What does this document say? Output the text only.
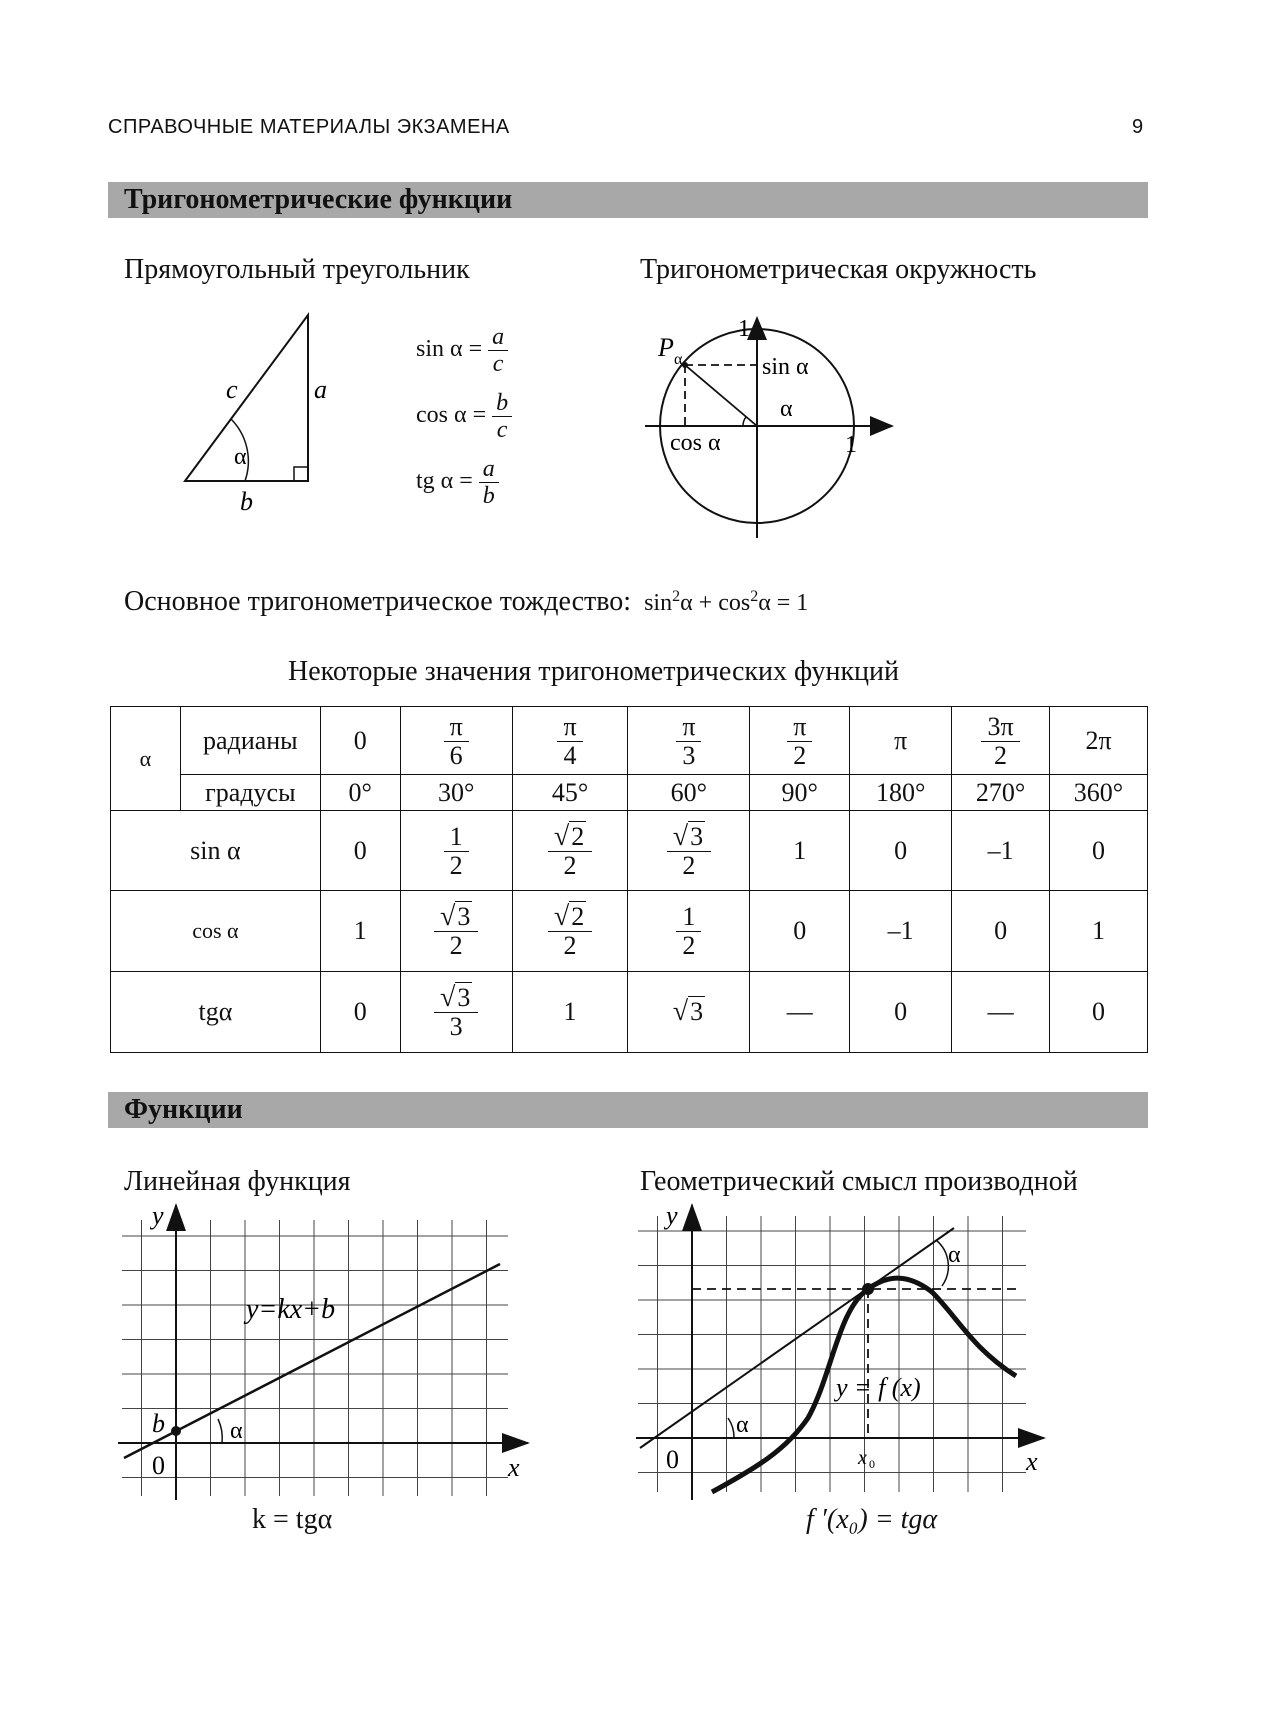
СПРАВОЧНЫЕ МАТЕРИАЛЫ ЭКЗАМЕНА	9
Тригонометрические функции
Прямоугольный треугольник
c	a
α
b
$\sin \alpha = \frac{a}{c}$
$\cos \alpha = \frac{b}{c}$
tg $\alpha = \frac{a}{b}$
Тригонометрическая окружность
P α
1
1
sin α
cos α
α
Основное тригонометрическое тождество: $\sin^2\alpha + \cos^2\alpha = 1$
Некоторые значения тригонометрических функций
α	радианы	0	$\frac{\pi}{6}$	$\frac{\pi}{4}$	$\frac{\pi}{3}$	$\frac{\pi}{2}$	π	$\frac{3\pi}{2}$	2π
	градусы	0°	30°	45°	60°	90°	180°	270°	360°
sin α		0	$\frac{1}{2}$	$\frac{√2}{2}$	$\frac{√3}{2}$	1	0	–1	0
cos α		1	$\frac{√3}{2}$	$\frac{√2}{2}$	$\frac{1}{2}$	0	–1	0	1
tgα		0	$\frac{√3}{3}$	1	√3	—	0	—	0
Функции
Линейная функция
y
x
0
b	α
y=kx+b
k = tgα
Геометрический смысл производной
y
x
0
α
α
x 0
y = f (x)
f ′(x₀) = tgα
